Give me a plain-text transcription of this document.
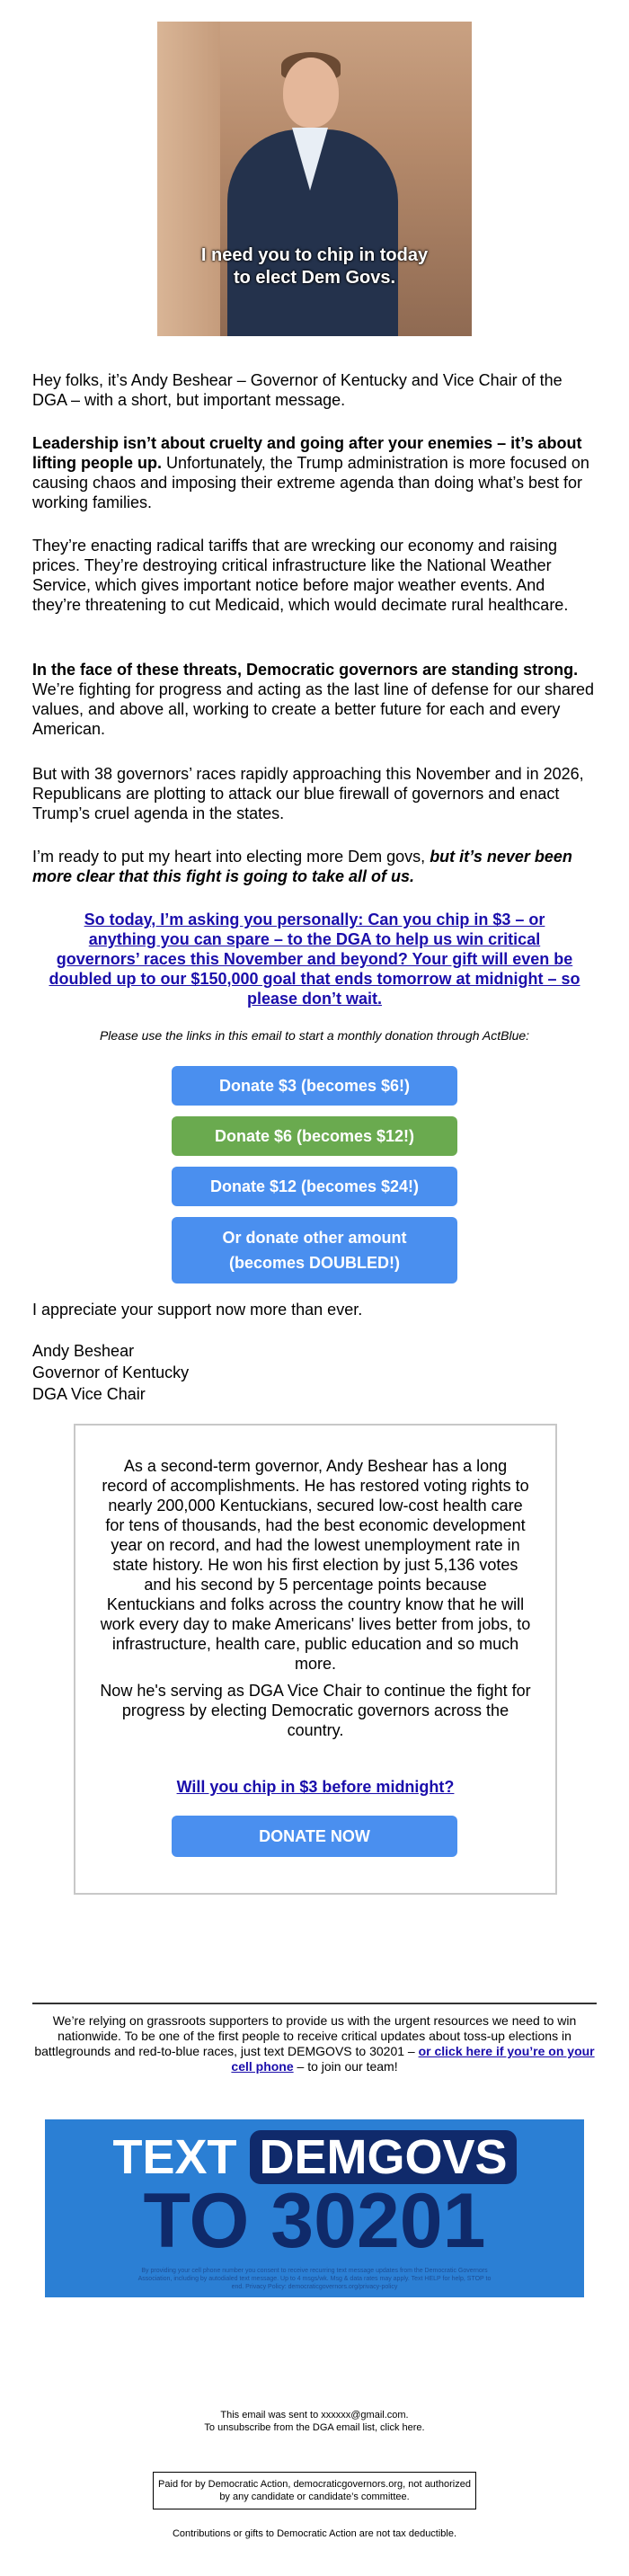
I need you to chip in today
to elect Dem Govs.

Hey folks, it’s Andy Beshear – Governor of Kentucky and Vice Chair of the DGA – with a short, but important message.

Leadership isn’t about cruelty and going after your enemies – it’s about lifting people up. Unfortunately, the Trump administration is more focused on causing chaos and imposing their extreme agenda than doing what’s best for working families.

They’re enacting radical tariffs that are wrecking our economy and raising prices. They’re destroying critical infrastructure like the National Weather Service, which gives important notice before major weather events. And they’re threatening to cut Medicaid, which would decimate rural healthcare.

In the face of these threats, Democratic governors are standing strong. We’re fighting for progress and acting as the last line of defense for our shared values, and above all, working to create a better future for each and every American.

But with 38 governors’ races rapidly approaching this November and in 2026, Republicans are plotting to attack our blue firewall of governors and enact Trump’s cruel agenda in the states.

I’m ready to put my heart into electing more Dem govs, but it’s never been more clear that this fight is going to take all of us.

So today, I’m asking you personally: Can you chip in $3 – or anything you can spare – to the DGA to help us win critical governors’ races this November and beyond? Your gift will even be doubled up to our $150,000 goal that ends tomorrow at midnight – so please don’t wait.

Please use the links in this email to start a monthly donation through ActBlue:

Donate $3 (becomes $6!)
Donate $6 (becomes $12!)
Donate $12 (becomes $24!)
Or donate other amount
(becomes DOUBLED!)

I appreciate your support now more than ever.

Andy Beshear

Governor of Kentucky

DGA Vice Chair

As a second-term governor, Andy Beshear has a long record of accomplishments. He has restored voting rights to nearly 200,000 Kentuckians, secured low-cost health care for tens of thousands, had the best economic development year on record, and had the lowest unemployment rate in state history. He won his first election by just 5,136 votes and his second by 5 percentage points because Kentuckians and folks across the country know that he will work every day to make Americans' lives better from jobs, to infrastructure, health care, public education and so much more.

Now he's serving as DGA Vice Chair to continue the fight for progress by electing Democratic governors across the country.

Will you chip in $3 before midnight?

DONATE NOW

We’re relying on grassroots supporters to provide us with the urgent resources we need to win nationwide. To be one of the first people to receive critical updates about toss-up elections in battlegrounds and red-to-blue races, just text DEMGOVS to 30201 – or click here if you’re on your cell phone – to join our team!

TEXT DEMGOVS
TO 30201
By providing your cell phone number you consent to receive recurring text message updates from the Democratic Governors Association, including by autodialed text message. Up to 4 msgs/wk. Msg & data rates may apply. Text HELP for help, STOP to end. Privacy Policy: democraticgovernors.org/privacy-policy

This email was sent to xxxxxx@gmail.com.

To unsubscribe from the DGA email list, click here.

Paid for by Democratic Action, democraticgovernors.org, not authorized by any candidate or candidate’s committee.

Contributions or gifts to Democratic Action are not tax deductible.
